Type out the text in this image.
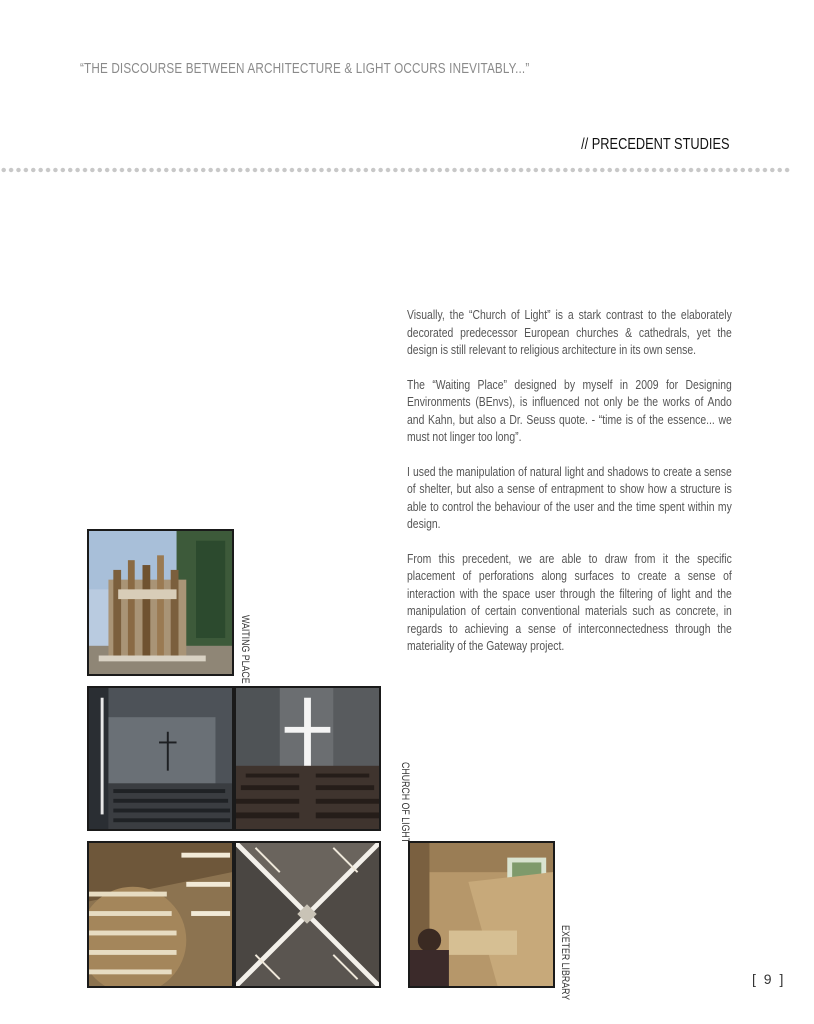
“THE DISCOURSE BETWEEN ARCHITECTURE & LIGHT OCCURS INEVITABLY...”
// PRECEDENT STUDIES

Visually, the “Church of Light” is a stark contrast to the elaborately decorated predecessor European churches & cathedrals, yet the design is still relevant to religious architecture in its own sense.

The “Waiting Place” designed by myself in 2009 for Designing Environments (BEnvs), is influenced not only be the works of Ando and Kahn, but also a Dr. Seuss quote. - “time is of the essence... we must not linger too long”.

I used the manipulation of natural light and shadows to create a sense of shelter, but also a sense of entrapment to show how a structure is able to control the behaviour of the user and the time spent within my design.

From this precedent, we are able to draw from it the specific placement of perforations along surfaces to create a sense of interaction with the space user through the filtering of light and the manipulation of certain conventional materials such as concrete, in regards to achieving a sense of interconnectedness through the materiality of the Gateway project.

WAITING PLACE
CHURCH OF LIGHT
EXETER LIBRARY	[ 9 ]
